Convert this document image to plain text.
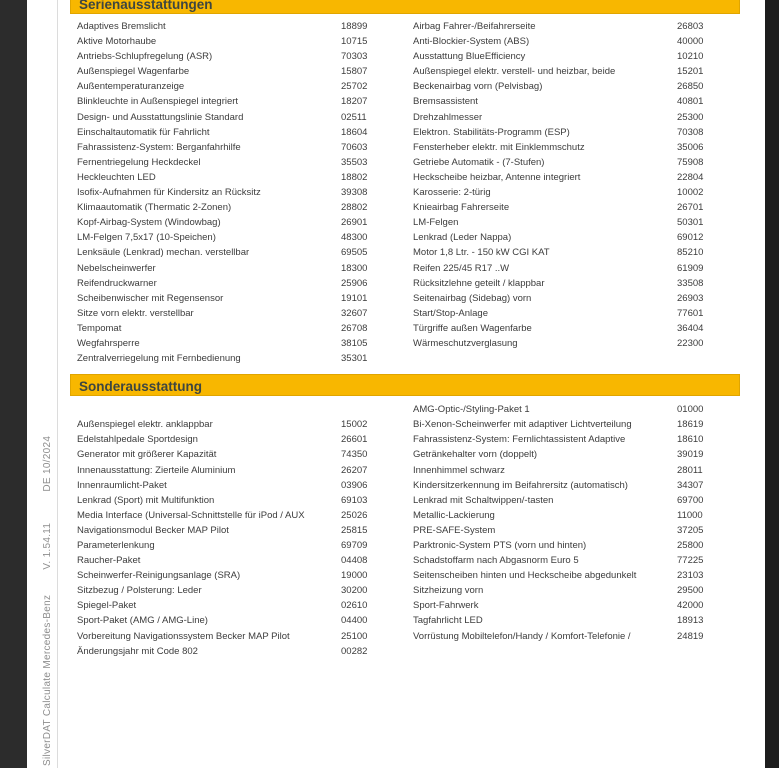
SilverDAT Calculate Mercedes-Benz V. 1.54.11 DE 10/2024
Serienausstattungen
Adaptives Bremslicht	18899
Aktive Motorhaube	10715
Antriebs-Schlupfregelung (ASR)	70303
Außenspiegel Wagenfarbe	15807
Außentemperaturanzeige	25702
Blinkleuchte in Außenspiegel integriert	18207
Design- und Ausstattungslinie Standard	02511
Einschaltautomatik für Fahrlicht	18604
Fahrassistenz-System: Berganfahrhilfe	70603
Fernentriegelung Heckdeckel	35503
Heckleuchten LED	18802
Isofix-Aufnahmen für Kindersitz an Rücksitz	39308
Klimaautomatik (Thermatic 2-Zonen)	28802
Kopf-Airbag-System (Windowbag)	26901
LM-Felgen 7,5x17 (10-Speichen)	48300
Lenksäule (Lenkrad) mechan. verstellbar	69505
Nebelscheinwerfer	18300
Reifendruckwarner	25906
Scheibenwischer mit Regensensor	19101
Sitze vorn elektr. verstellbar	32607
Tempomat	26708
Wegfahrsperre	38105
Zentralverriegelung mit Fernbedienung	35301
Airbag Fahrer-/Beifahrerseite	26803
Anti-Blockier-System (ABS)	40000
Ausstattung BlueEfficiency	10210
Außenspiegel elektr. verstell- und heizbar, beide	15201
Beckenairbag vorn (Pelvisbag)	26850
Bremsassistent	40801
Drehzahlmesser	25300
Elektron. Stabilitäts-Programm (ESP)	70308
Fensterheber elektr. mit Einklemmschutz	35006
Getriebe Automatik - (7-Stufen)	75908
Heckscheibe heizbar, Antenne integriert	22804
Karosserie: 2-türig	10002
Knieairbag Fahrerseite	26701
LM-Felgen	50301
Lenkrad (Leder Nappa)	69012
Motor 1,8 Ltr. - 150 kW CGI KAT	85210
Reifen 225/45 R17 ..W	61909
Rücksitzlehne geteilt / klappbar	33508
Seitenairbag (Sidebag) vorn	26903
Start/Stop-Anlage	77601
Türgriffe außen Wagenfarbe	36404
Wärmeschutzverglasung	22300
Sonderausstattung
Außenspiegel elektr. anklappbar	15002
Edelstahlpedale Sportdesign	26601
Generator mit größerer Kapazität	74350
Innenausstattung: Zierteile Aluminium	26207
Innenraumlicht-Paket	03906
Lenkrad (Sport) mit Multifunktion	69103
Media Interface (Universal-Schnittstelle für iPod / AUX	25026
Navigationsmodul Becker MAP Pilot	25815
Parameterlenkung	69709
Raucher-Paket	04408
Scheinwerfer-Reinigungsanlage (SRA)	19000
Sitzbezug / Polsterung: Leder	30200
Spiegel-Paket	02610
Sport-Paket (AMG / AMG-Line)	04400
Vorbereitung Navigationssystem Becker MAP Pilot	25100
Änderungsjahr mit Code 802	00282
AMG-Optic-/Styling-Paket 1	01000
Bi-Xenon-Scheinwerfer mit adaptiver Lichtverteilung	18619
Fahrassistenz-System: Fernlichtassistent Adaptive	18610
Getränkehalter vorn (doppelt)	39019
Innenhimmel schwarz	28011
Kindersitzerkennung im Beifahrersitz (automatisch)	34307
Lenkrad mit Schaltwippen/-tasten	69700
Metallic-Lackierung	11000
PRE-SAFE-System	37205
Parktronic-System PTS (vorn und hinten)	25800
Schadstoffarm nach Abgasnorm Euro 5	77225
Seitenscheiben hinten und Heckscheibe abgedunkelt	23103
Sitzheizung vorn	29500
Sport-Fahrwerk	42000
Tagfahrlicht LED	18913
Vorrüstung Mobiltelefon/Handy / Komfort-Telefonie /	24819
